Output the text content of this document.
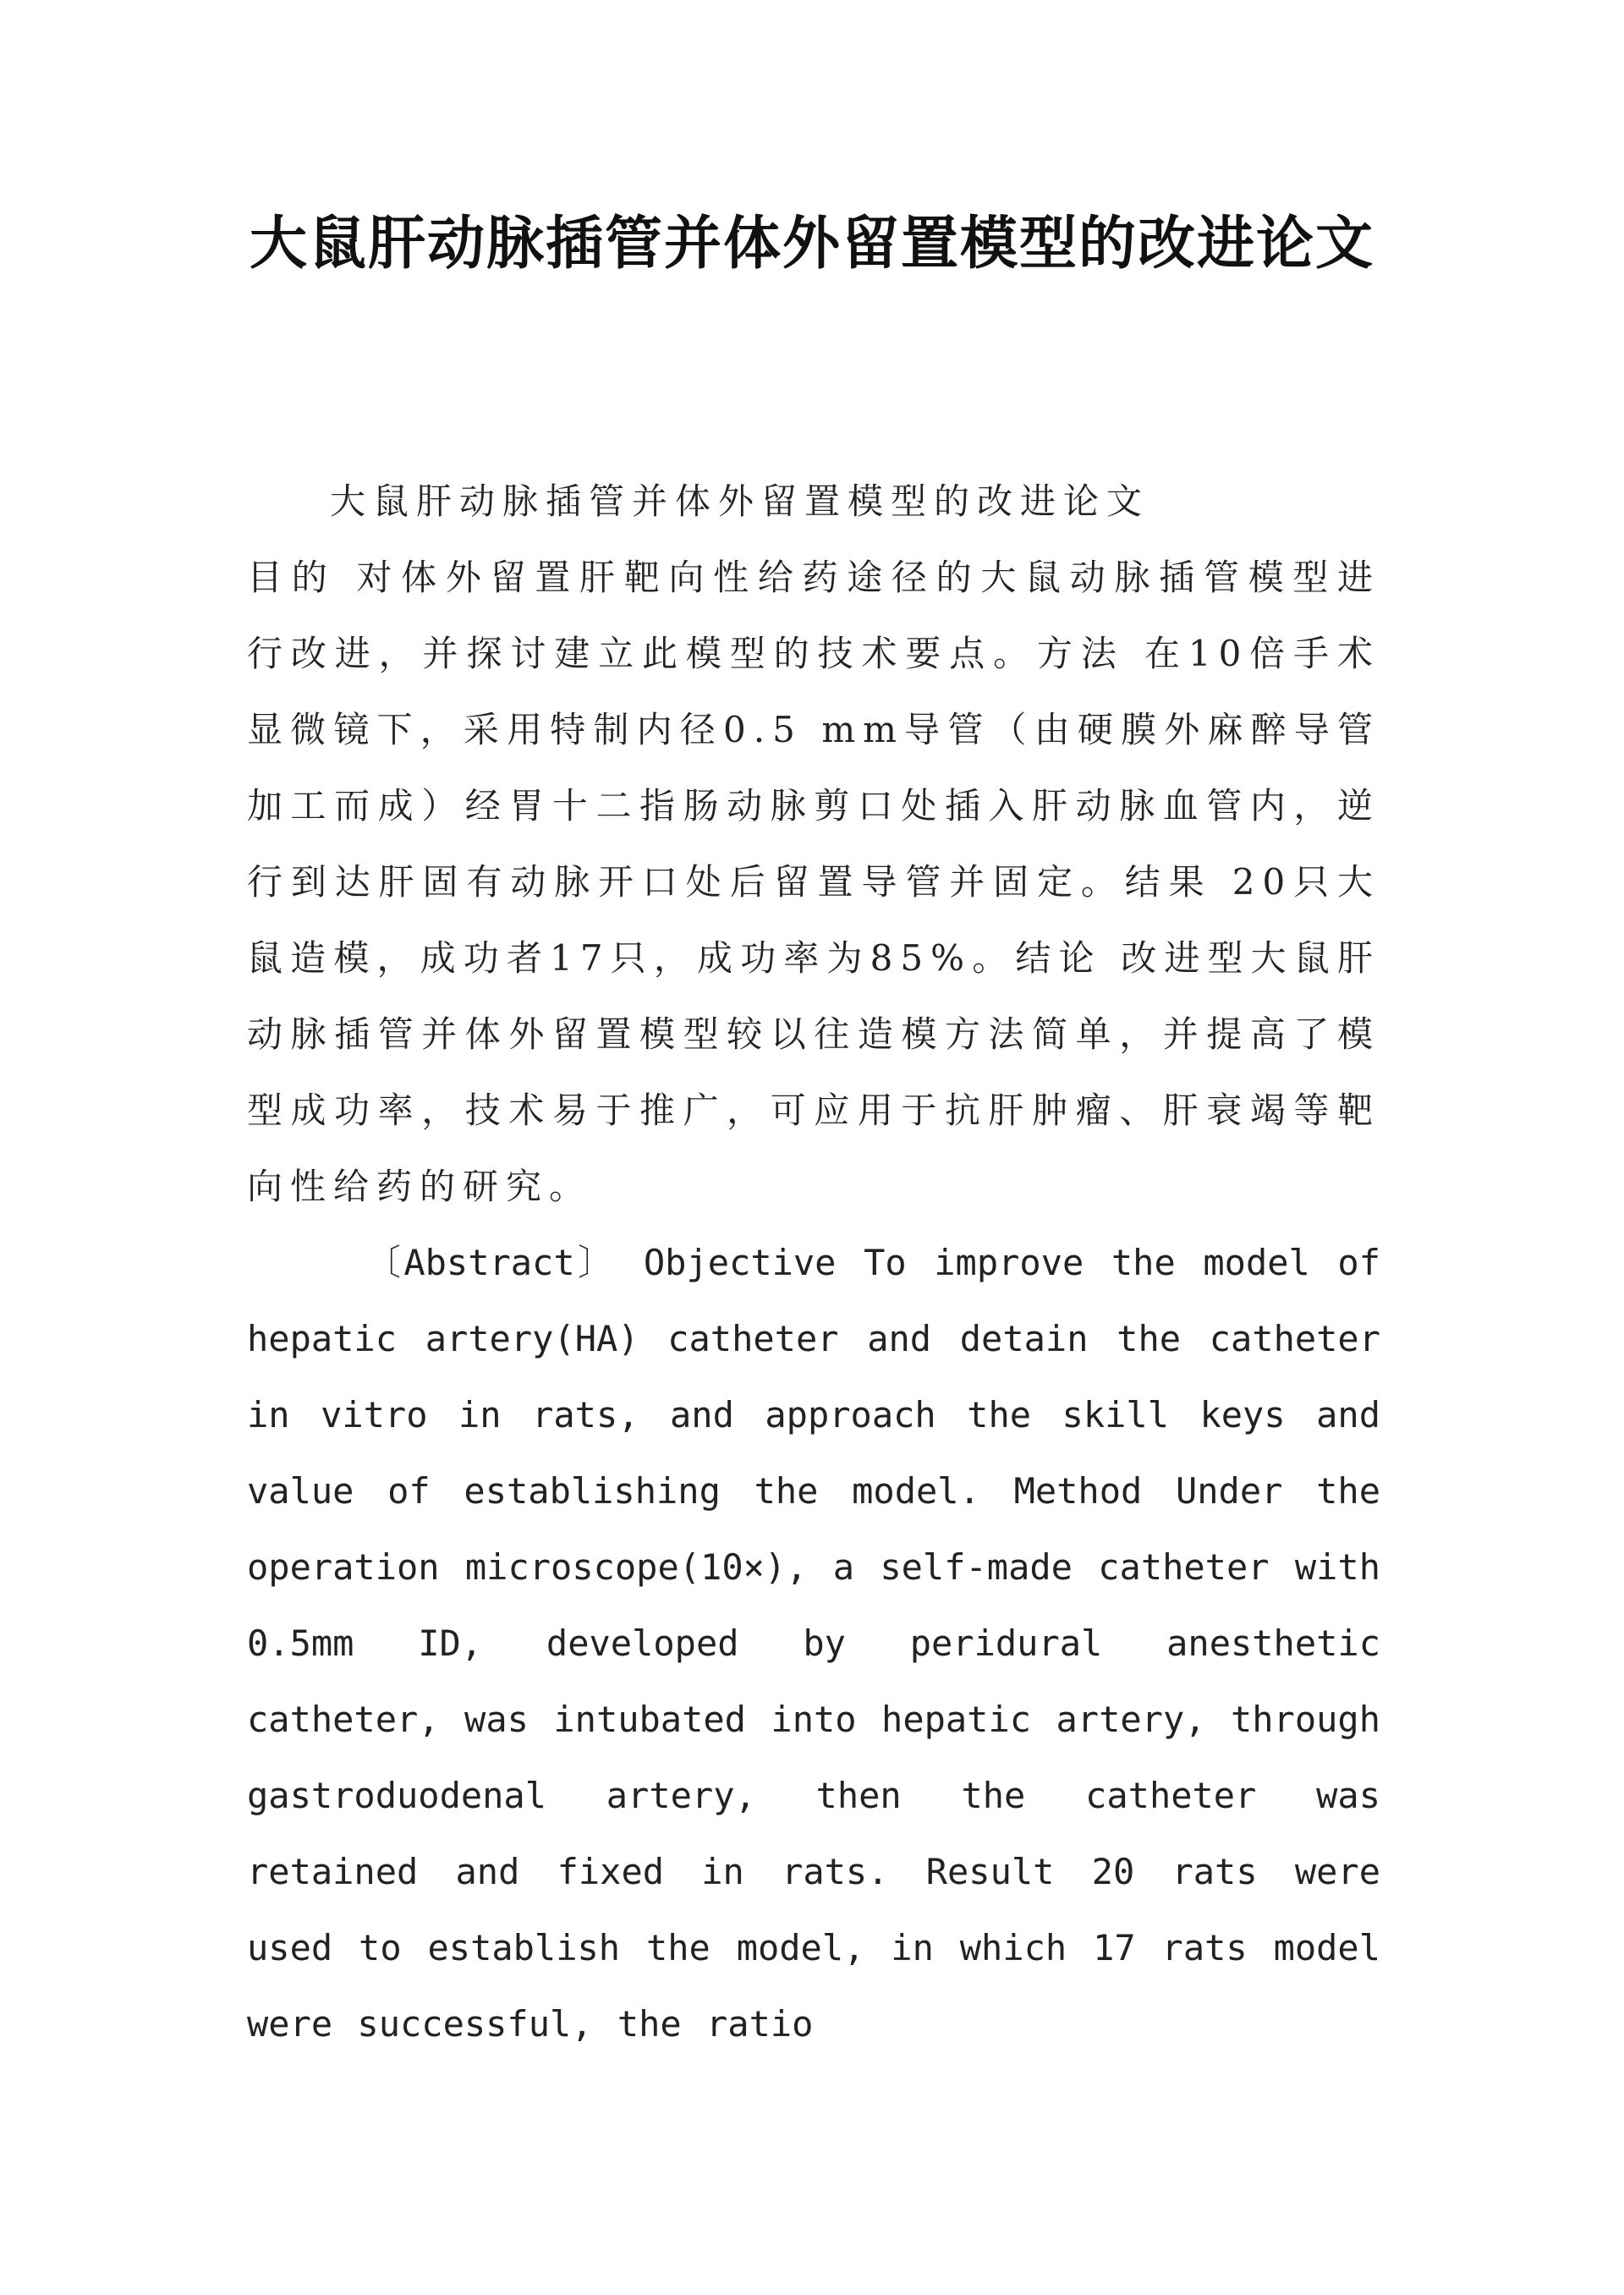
大鼠肝动脉插管并体外留置模型的改进论文

大鼠肝动脉插管并体外留置模型的改进论文

目的 对体外留置肝靶向性给药途径的大鼠动脉插管模型进行改进，并探讨建立此模型的技术要点。方法 在10倍手术显微镜下，采用特制内径0.5 mm导管（由硬膜外麻醉导管加工而成）经胃十二指肠动脉剪口处插入肝动脉血管内，逆行到达肝固有动脉开口处后留置导管并固定。结果 20只大鼠造模，成功者17只，成功率为85%。结论 改进型大鼠肝动脉插管并体外留置模型较以往造模方法简单，并提高了模型成功率，技术易于推广，可应用于抗肝肿瘤、肝衰竭等靶向性给药的研究。

〔Abstract〕 Objective To improve the model of hepatic artery(HA) catheter and detain the catheter in vitro in rats, and approach the skill keys and value of establishing the model. Method Under the operation microscope(10×), a self-made catheter with 0.5mm ID, developed by peridural anesthetic catheter, was intubated into hepatic artery, through gastroduodenal artery, then the catheter was retained and fixed in rats. Result 20 rats were used to establish the model, in which 17 rats model were successful, the ratio
